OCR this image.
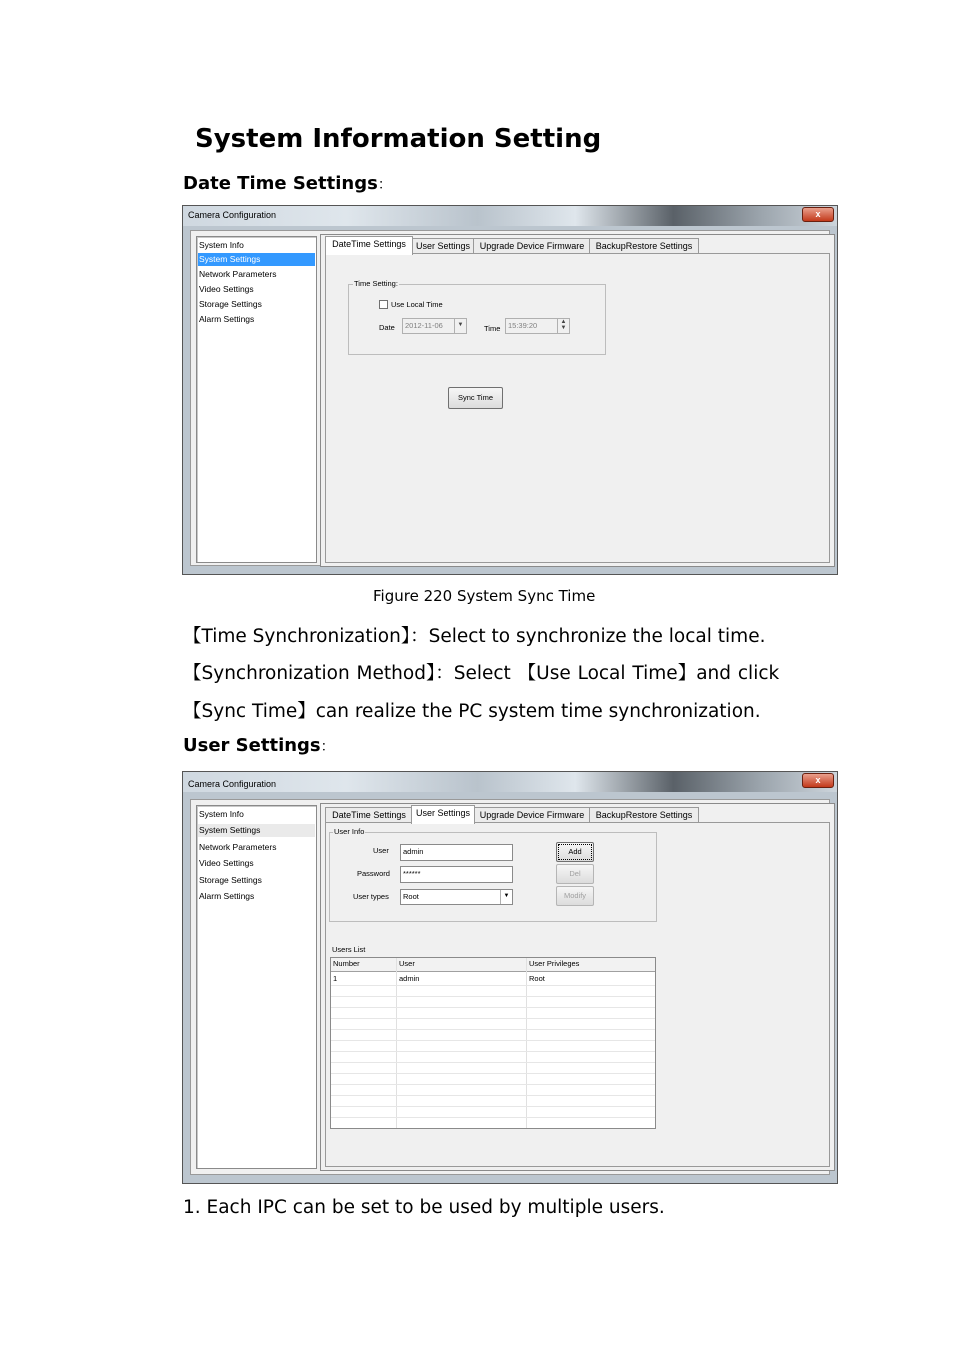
System Information Setting
Date Time Settings：
Camera Configuration	x
System Info
System Settings
Network Parameters
Video Settings
Storage Settings
Alarm Settings
DateTime Settings	User Settings	Upgrade Device Firmware	BackupRestore Settings
Time Setting:
Use Local Time
Date	2012-11-06	▼	Time	15:39:20	▲
▼
Sync Time
Figure 220 System Sync Time
【Time Synchronization】：Select to synchronize the local time.
【Synchronization Method】：Select 【Use Local Time】and click
【Sync Time】can realize the PC system time synchronization.
User Settings：
Camera Configuration	x
System Info
System Settings
Network Parameters
Video Settings
Storage Settings
Alarm Settings
DateTime Settings	User Settings	Upgrade Device Firmware	BackupRestore Settings
User Info
User	admin
Password	******
User types	Root	▼
Add
Del
Modify
Users List
Number	User	User Privileges
1	admin	Root
1. Each IPC can be set to be used by multiple users.
